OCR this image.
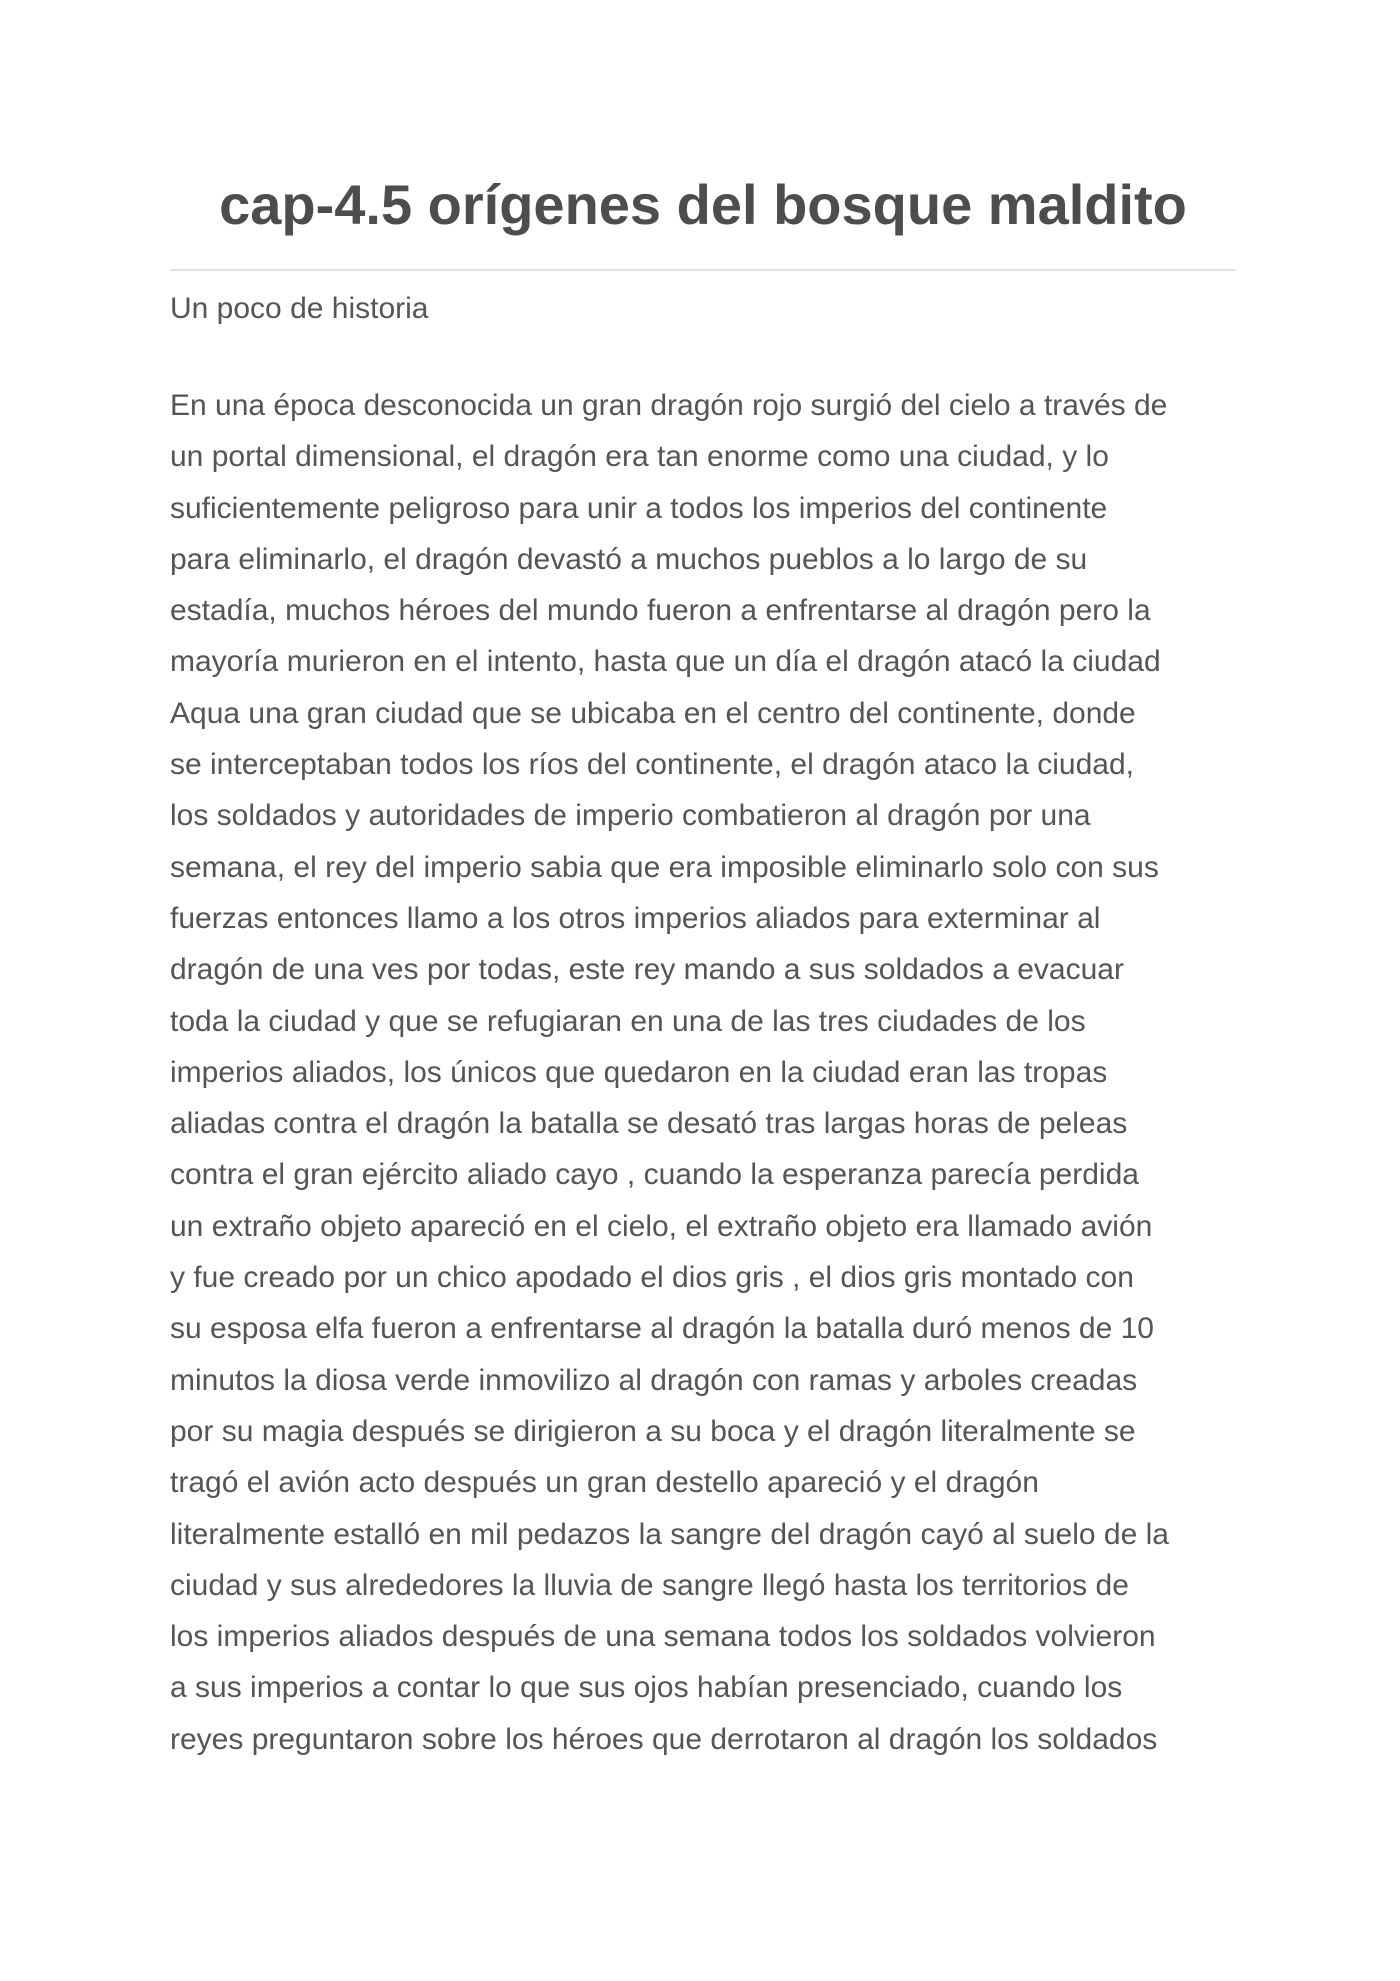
cap-4.5 orígenes del bosque maldito

Un poco de historia

En una época desconocida un gran dragón rojo surgió del cielo a través de
un portal dimensional, el dragón era tan enorme como una ciudad, y lo
suficientemente peligroso para unir a todos los imperios del continente
para eliminarlo, el dragón devastó a muchos pueblos a lo largo de su
estadía, muchos héroes del mundo fueron a enfrentarse al dragón pero la
mayoría murieron en el intento, hasta que un día el dragón atacó la ciudad
Aqua una gran ciudad que se ubicaba en el centro del continente, donde
se interceptaban todos los ríos del continente, el dragón ataco la ciudad,
los soldados y autoridades de imperio combatieron al dragón por una
semana, el rey del imperio sabia que era imposible eliminarlo solo con sus
fuerzas entonces llamo a los otros imperios aliados para exterminar al
dragón de una ves por todas, este rey mando a sus soldados a evacuar
toda la ciudad y que se refugiaran en una de las tres ciudades de los
imperios aliados, los únicos que quedaron en la ciudad eran las tropas
aliadas contra el dragón la batalla se desató tras largas horas de peleas
contra el gran ejército aliado cayo , cuando la esperanza parecía perdida
un extraño objeto apareció en el cielo, el extraño objeto era llamado avión
y fue creado por un chico apodado el dios gris , el dios gris montado con
su esposa elfa fueron a enfrentarse al dragón la batalla duró menos de 10
minutos la diosa verde inmovilizo al dragón con ramas y arboles creadas
por su magia después se dirigieron a su boca y el dragón literalmente se
tragó el avión acto después un gran destello apareció y el dragón
literalmente estalló en mil pedazos la sangre del dragón cayó al suelo de la
ciudad y sus alrededores la lluvia de sangre llegó hasta los territorios de
los imperios aliados después de una semana todos los soldados volvieron
a sus imperios a contar lo que sus ojos habían presenciado, cuando los
reyes preguntaron sobre los héroes que derrotaron al dragón los soldados
